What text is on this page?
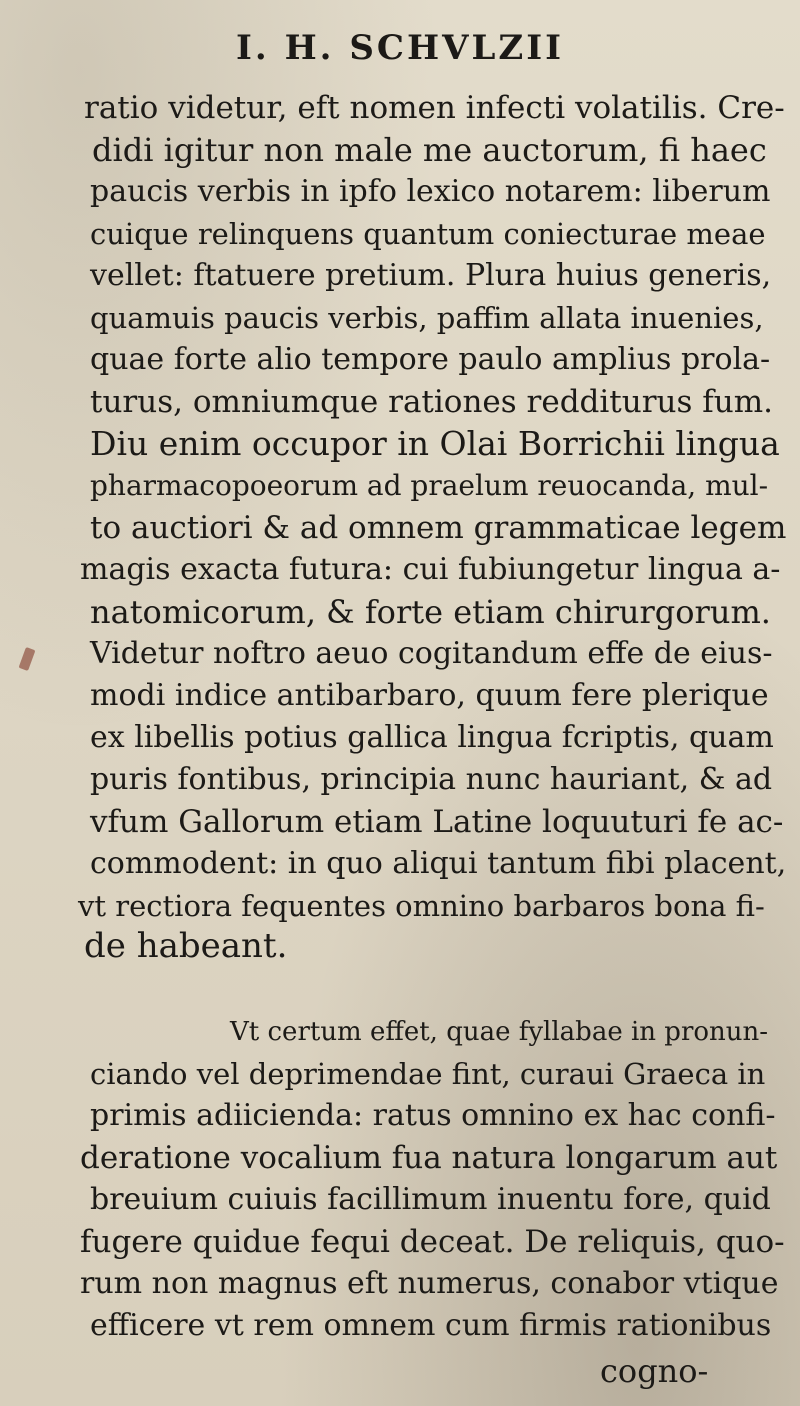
I. H. SCHVLZII
ratio videtur, eft nomen infecti volatilis. Cre-
didi igitur non male me auctorum, fi haec
paucis verbis in ipfo lexico notarem: liberum
cuique relinquens quantum coniecturae meae
vellet: ftatuere pretium. Plura huius generis,
quamuis paucis verbis, paffim allata inuenies,
quae forte alio tempore paulo amplius prola-
turus, omniumque rationes redditurus fum.
Diu enim occupor in Olai Borrichii lingua
pharmacopoeorum ad praelum reuocanda, mul-
to auctiori & ad omnem grammaticae legem
magis exacta futura: cui fubiungetur lingua a-
natomicorum, & forte etiam chirurgorum.
Videtur noftro aeuo cogitandum effe de eius-
modi indice antibarbaro, quum fere plerique
ex libellis potius gallica lingua fcriptis, quam
puris fontibus, principia nunc hauriant, & ad
vfum Gallorum etiam Latine loquuturi fe ac-
commodent: in quo aliqui tantum fibi placent,
vt rectiora fequentes omnino barbaros bona fi-
de habeant.
Vt certum effet, quae fyllabae in pronun-
ciando vel deprimendae fint, curaui Graeca in
primis adiicienda: ratus omnino ex hac confi-
deratione vocalium fua natura longarum aut
breuium cuiuis facillimum inuentu fore, quid
fugere quidue fequi deceat. De reliquis, quo-
rum non magnus eft numerus, conabor vtique
efficere vt rem omnem cum firmis rationibus
cogno-
